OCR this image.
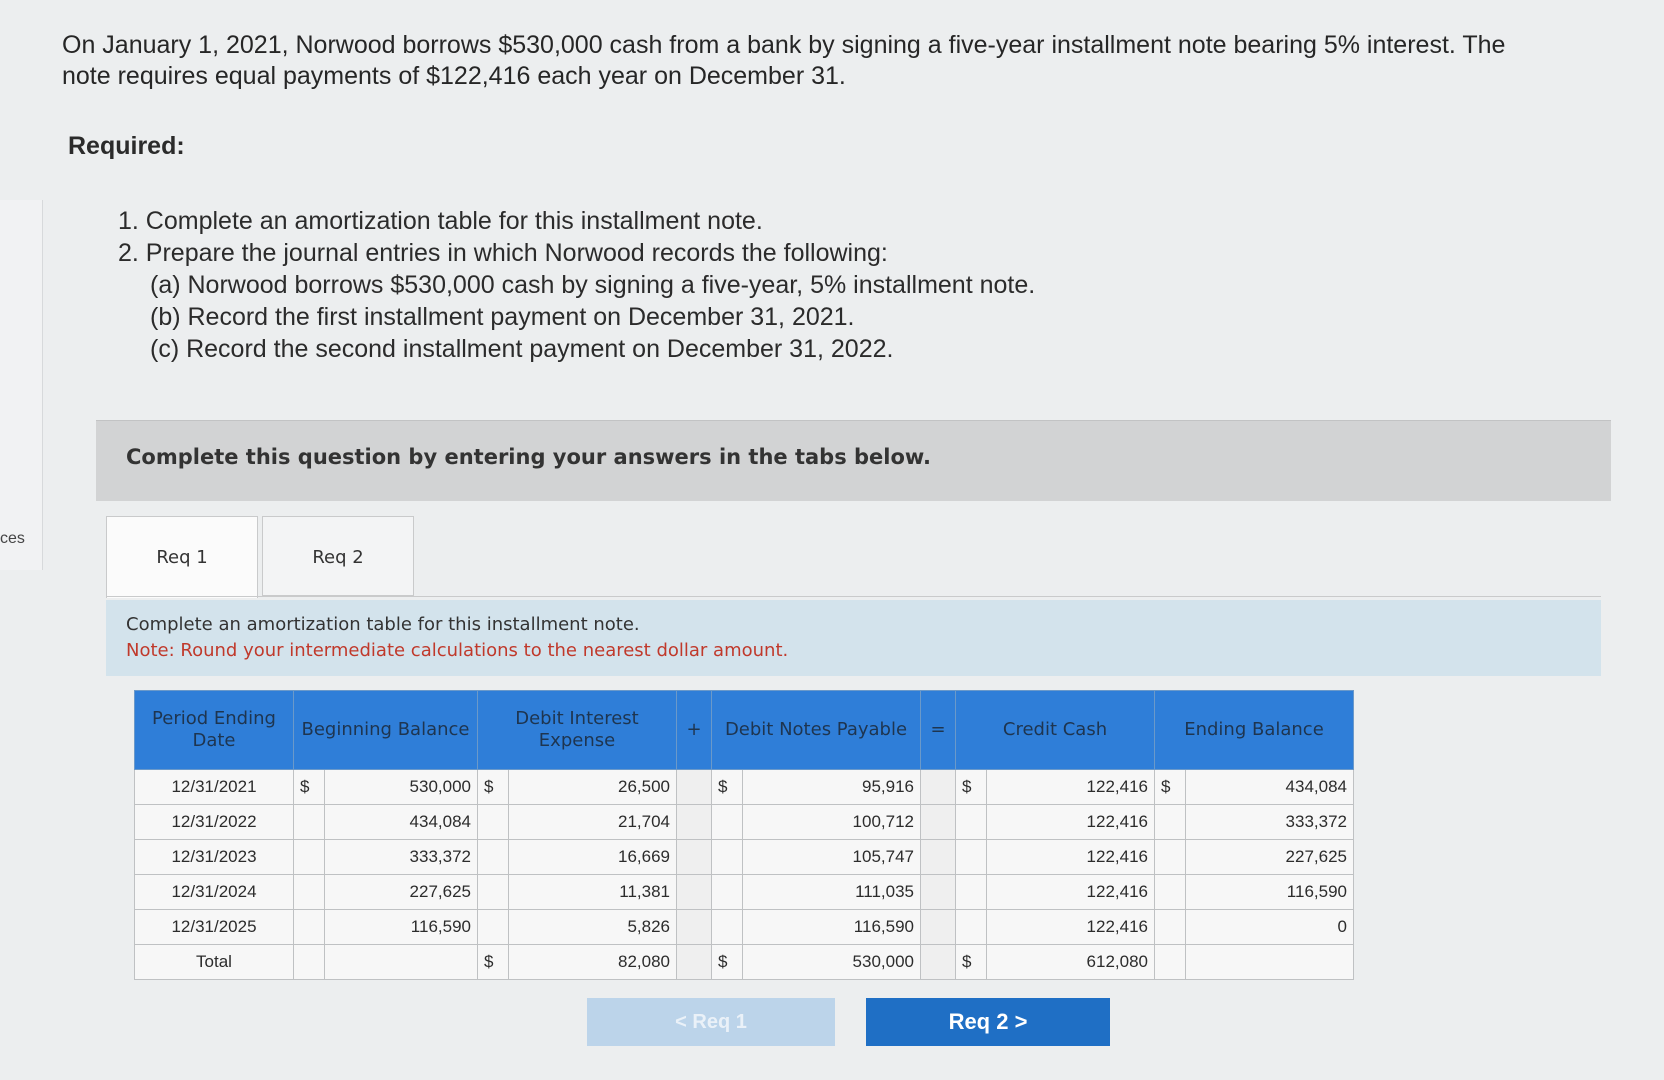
ces
On January 1, 2021, Norwood borrows $530,000 cash from a bank by signing a five-year installment note bearing 5% interest. The
note requires equal payments of $122,416 each year on December 31.
Required:
1. Complete an amortization table for this installment note.
2. Prepare the journal entries in which Norwood records the following:
(a) Norwood borrows $530,000 cash by signing a five-year, 5% installment note.
(b) Record the first installment payment on December 31, 2021.
(c) Record the second installment payment on December 31, 2022.
Complete this question by entering your answers in the tabs below.
Req 1	Req 2
Complete an amortization table for this installment note.
Note: Round your intermediate calculations to the nearest dollar amount.
Period Ending Date	Beginning Balance		Debit Interest Expense		+	Debit Notes Payable		=	Credit Cash		Ending Balance	
12/31/2021	$	530,000	$	26,500		$	95,916		$	122,416	$	434,084
12/31/2022		434,084		21,704			100,712			122,416		333,372
12/31/2023		333,372		16,669			105,747			122,416		227,625
12/31/2024		227,625		11,381			111,035			122,416		116,590
12/31/2025		116,590		5,826			116,590			122,416		0
Total			$	82,080		$	530,000		$	612,080		
< Req 1	Req 2 >
